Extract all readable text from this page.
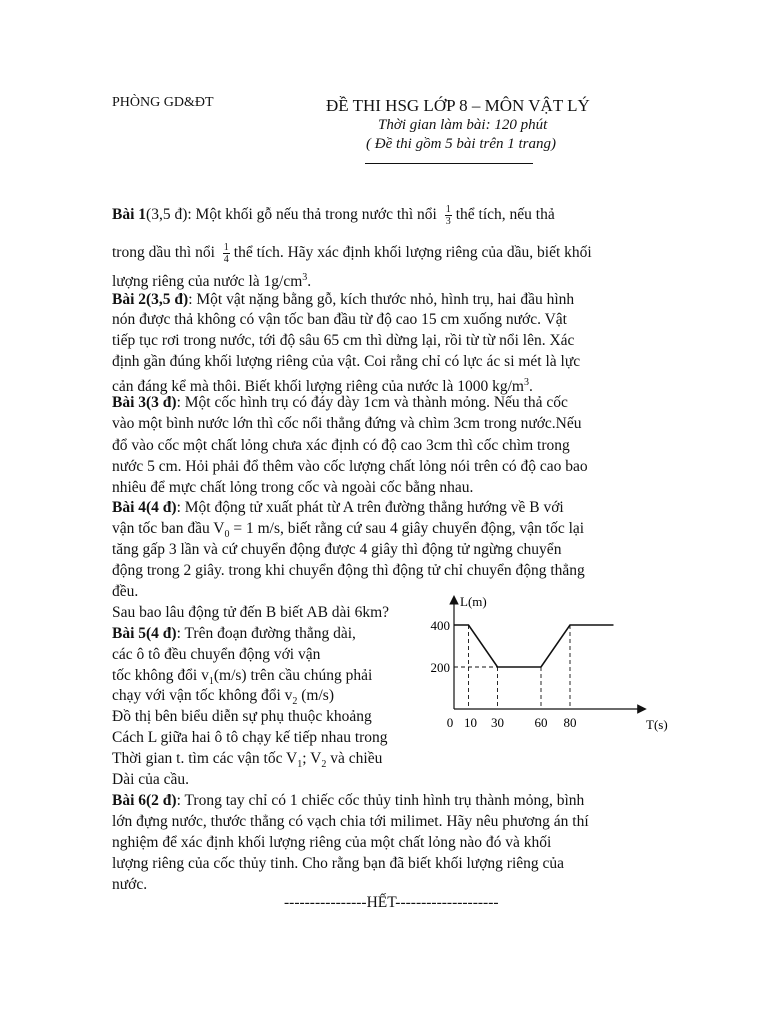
PHÒNG GD&ĐT	ĐỀ THI HSG LỚP 8 – MÔN VẬT LÝ
Thời gian làm bài: 120 phút
( Đề thi gồm 5 bài trên 1 trang)
Bài 1(3,5 đ): Một khối gỗ nếu thả trong nước thì nổi $\frac{1}{3}$ thể tích, nếu thả
trong dầu thì nổi $\frac{1}{4}$ thể tích. Hãy xác định khối lượng riêng của dầu, biết khối
lượng riêng của nước là $1g/cm^3$.
Bài 2(3,5 đ): Một vật nặng bằng gỗ, kích thước nhỏ, hình trụ, hai đầu hình
nón được thả không có vận tốc ban đầu từ độ cao 15 cm xuống nước. Vật
tiếp tục rơi trong nước, tới độ sâu 65 cm thì dừng lại, rồi từ từ nổi lên. Xác
định gần đúng khối lượng riêng của vật. Coi rằng chỉ có lực ác si mét là lực
cản đáng kể mà thôi. Biết khối lượng riêng của nước là 1000 $kg/m^3$.
Bài 3(3 đ): Một cốc hình trụ có đáy dày 1cm và thành mỏng. Nếu thả cốc
vào một bình nước lớn thì cốc nổi thẳng đứng và chìm 3cm trong nước.Nếu
đổ vào cốc một chất lỏng chưa xác định có độ cao 3cm thì cốc chìm trong
nước 5 cm. Hỏi phải đổ thêm vào cốc lượng chất lỏng nói trên có độ cao bao
nhiêu để mực chất lỏng trong cốc và ngoài cốc bằng nhau.
Bài 4(4 đ): Một động tử xuất phát từ A trên đường thẳng hướng về B với
vận tốc ban đầu $V_0 = 1$ m/s, biết rằng cứ sau 4 giây chuyển động, vận tốc lại
tăng gấp 3 lần và cứ chuyển động được 4 giây thì động tử ngừng chuyển
động trong 2 giây. trong khi chuyển động thì động tử chỉ chuyển động thẳng
đều.
Sau bao lâu động tử đến B biết AB dài 6km?
Bài 5(4 đ): Trên đoạn đường thẳng dài,
các ô tô đều chuyển động với vận
tốc không đổi $v_1(m/s)$ trên cầu chúng phải
chạy với vận tốc không đổi $v_2$ (m/s)
Đồ thị bên biểu diễn sự phụ thuộc khoảng
Cách L giữa hai ô tô chạy kế tiếp nhau trong
Thời gian t. tìm các vận tốc $V_1$; $V_2$ và chiều
Dài của cầu.
200
400
0 10 30 60 80
L(m)
T(s)
Bài 6(2 đ): Trong tay chỉ có 1 chiếc cốc thủy tinh hình trụ thành mỏng, bình
lớn đựng nước, thước thẳng có vạch chia tới milimet. Hãy nêu phương án thí
nghiệm để xác định khối lượng riêng của một chất lỏng nào đó và khối
lượng riêng của cốc thủy tinh. Cho rằng bạn đã biết khối lượng riêng của
nước.
----------------HẾT--------------------
